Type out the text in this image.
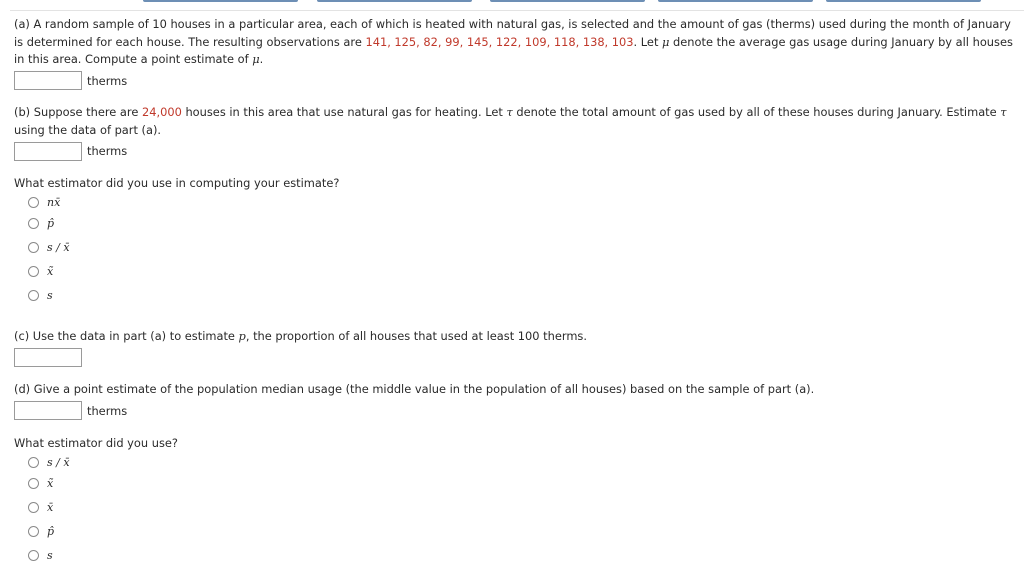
(a) A random sample of 10 houses in a particular area, each of which is heated with natural gas, is selected and the amount of gas (therms) used during the month of January is determined for each house. The resulting observations are 141, 125, 82, 99, 145, 122, 109, 118, 138, 103. Let μ denote the average gas usage during January by all houses in this area. Compute a point estimate of μ.

therms

(b) Suppose there are 24,000 houses in this area that use natural gas for heating. Let τ denote the total amount of gas used by all of these houses during January. Estimate τ using the data of part (a).

therms

What estimator did you use in computing your estimate?

nx̄
p̂
s / x̄
x̃
s

(c) Use the data in part (a) to estimate p, the proportion of all houses that used at least 100 therms.

(d) Give a point estimate of the population median usage (the middle value in the population of all houses) based on the sample of part (a).

therms

What estimator did you use?

s / x̄
x̃
x̄
p̂
s
